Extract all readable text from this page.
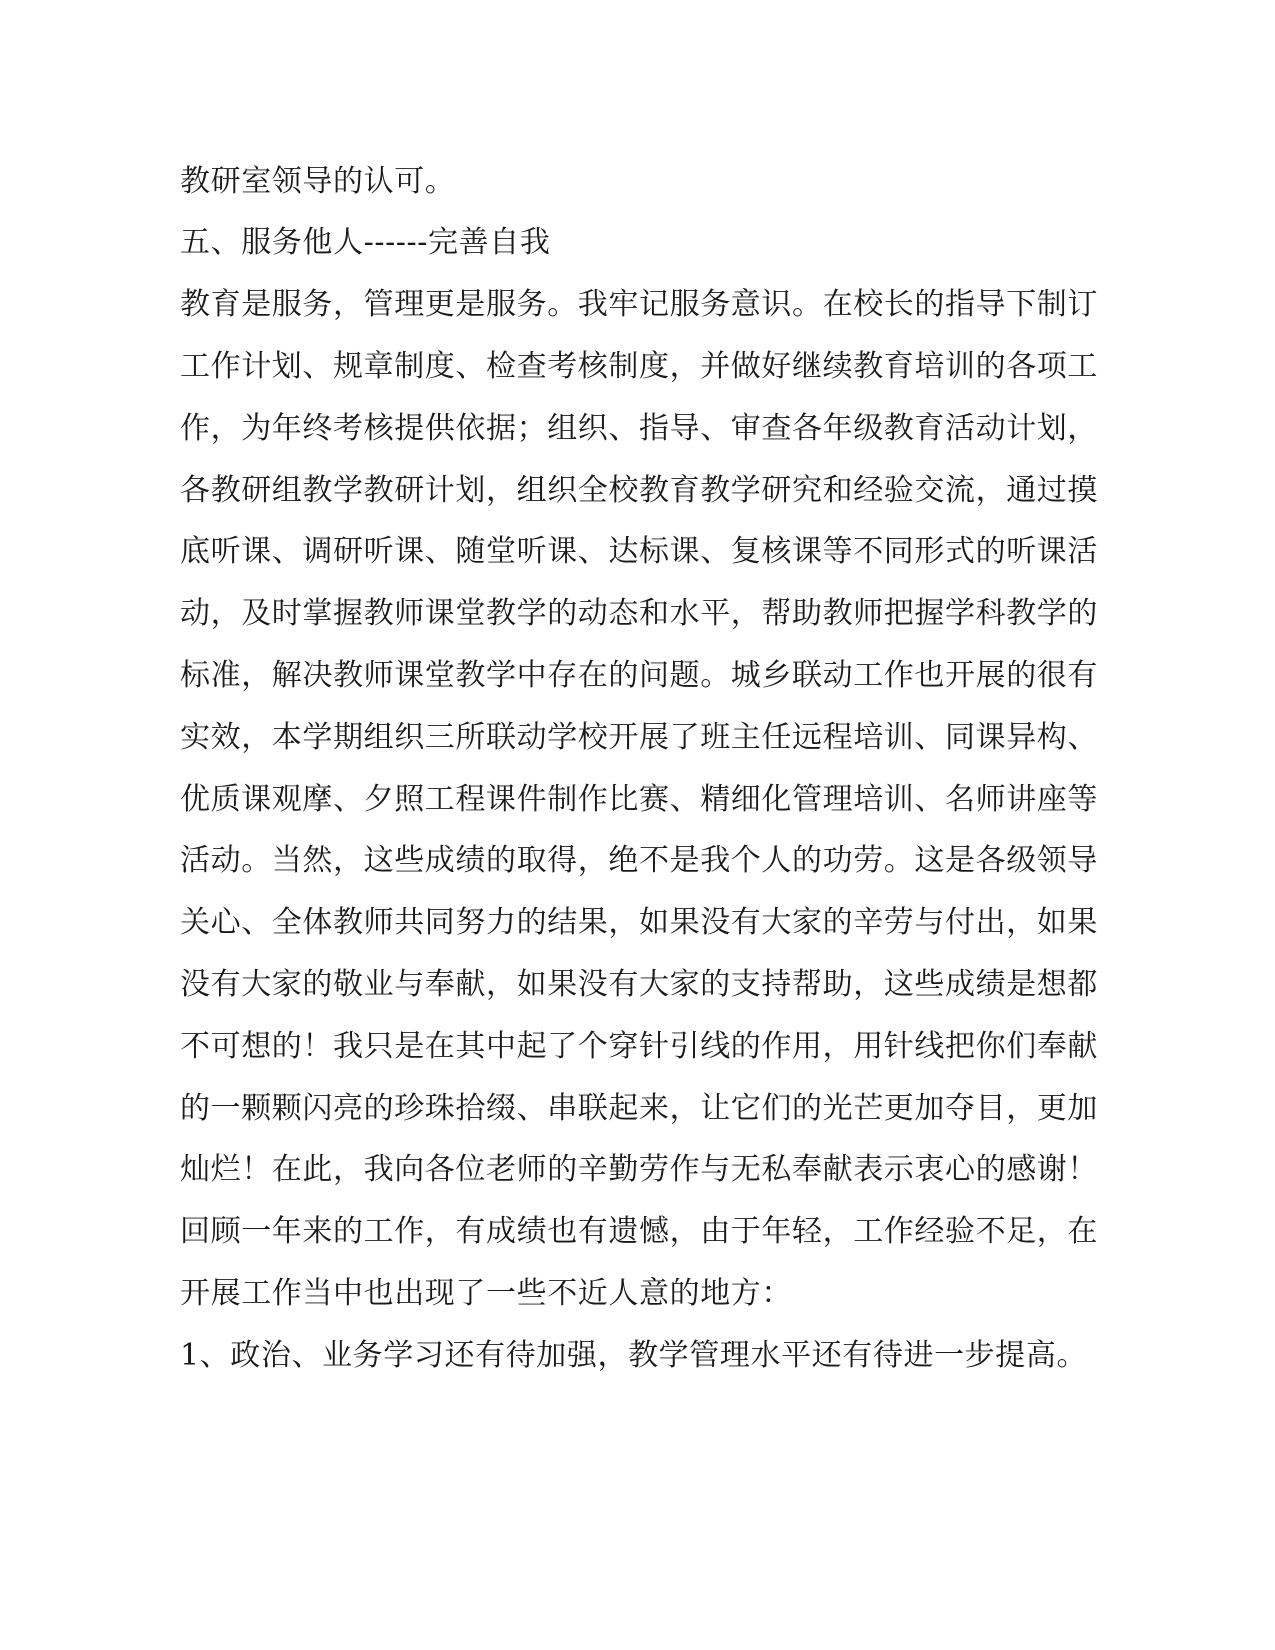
教研室领导的认可。

五、服务他人------完善自我

教育是服务，管理更是服务。我牢记服务意识。在校长的指导下制订

工作计划、规章制度、检查考核制度，并做好继续教育培训的各项工

作，为年终考核提供依据；组织、指导、审查各年级教育活动计划，

各教研组教学教研计划，组织全校教育教学研究和经验交流，通过摸

底听课、调研听课、随堂听课、达标课、复核课等不同形式的听课活

动，及时掌握教师课堂教学的动态和水平，帮助教师把握学科教学的

标准，解决教师课堂教学中存在的问题。城乡联动工作也开展的很有

实效，本学期组织三所联动学校开展了班主任远程培训、同课异构、

优质课观摩、夕照工程课件制作比赛、精细化管理培训、名师讲座等

活动。当然，这些成绩的取得，绝不是我个人的功劳。这是各级领导

关心、全体教师共同努力的结果，如果没有大家的辛劳与付出，如果

没有大家的敬业与奉献，如果没有大家的支持帮助，这些成绩是想都

不可想的！我只是在其中起了个穿针引线的作用，用针线把你们奉献

的一颗颗闪亮的珍珠拾缀、串联起来，让它们的光芒更加夺目，更加

灿烂！在此，我向各位老师的辛勤劳作与无私奉献表示衷心的感谢！

回顾一年来的工作，有成绩也有遗憾，由于年轻，工作经验不足，在

开展工作当中也出现了一些不近人意的地方：

1、政治、业务学习还有待加强，教学管理水平还有待进一步提高。
